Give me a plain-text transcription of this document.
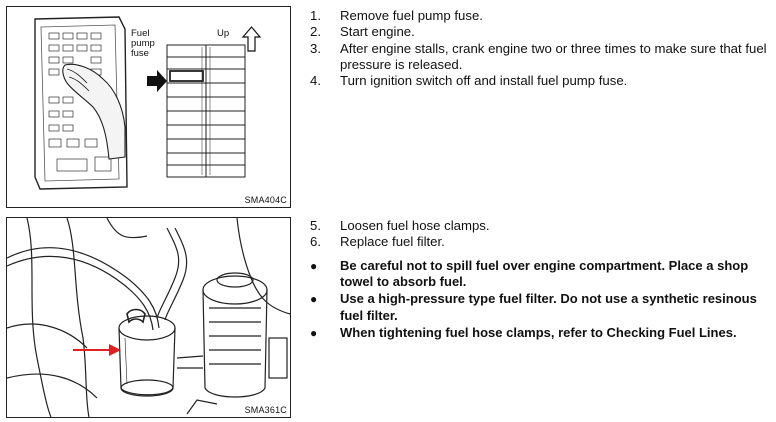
Fuel
pump
fuse
Up
SMA404C
SMA361C
1. Remove fuel pump fuse.
2. Start engine.
3. After engine stalls, crank engine two or three times to make sure that fuel pressure is released.
4. Turn ignition switch off and install fuel pump fuse.
5. Loosen fuel hose clamps.
6. Replace fuel filter.
● Be careful not to spill fuel over engine compartment. Place a shop towel to absorb fuel.
● Use a high-pressure type fuel filter. Do not use a synthetic resinous fuel filter.
● When tightening fuel hose clamps, refer to Checking Fuel Lines.
